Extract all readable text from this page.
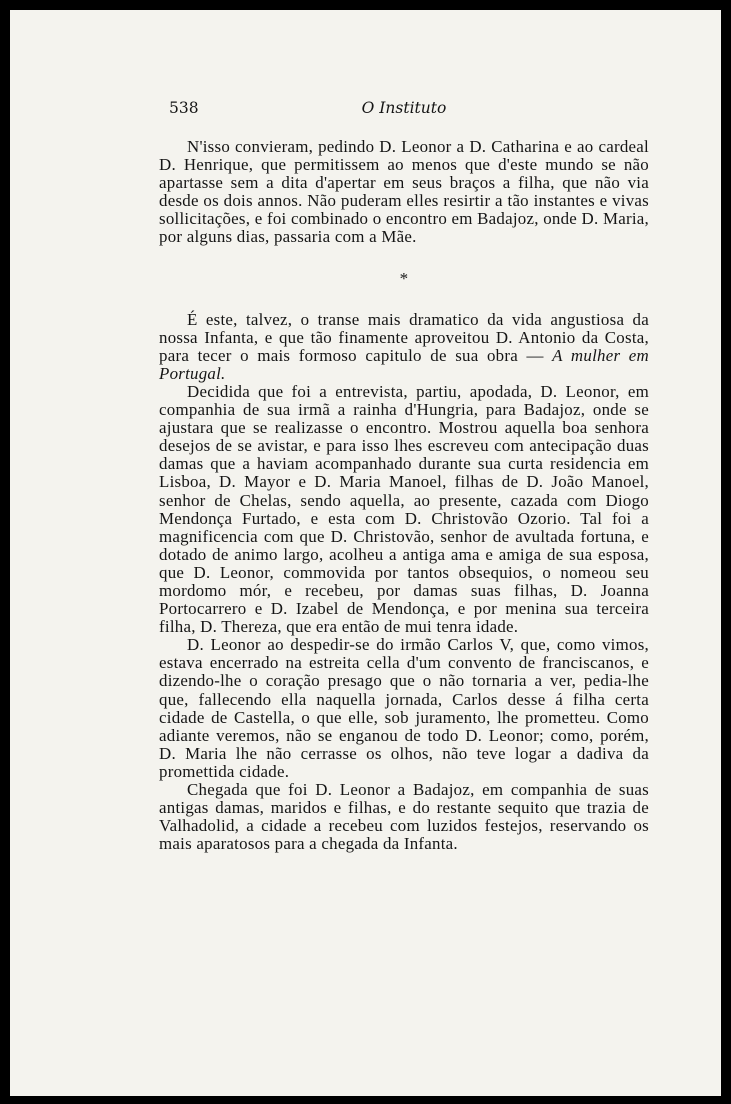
538	O Instituto

N'isso convieram, pedindo D. Leonor a D. Catharina e ao cardeal D. Henrique, que permitissem ao menos que d'este mundo se não apartasse sem a dita d'apertar em seus braços a filha, que não via desde os dois annos. Não puderam elles resirtir a tão instantes e vivas sollicitações, e foi combinado o encontro em Badajoz, onde D. Maria, por alguns dias, passaria com a Mãe.

*

É este, talvez, o transe mais dramatico da vida angustiosa da nossa Infanta, e que tão finamente aproveitou D. Antonio da Costa, para tecer o mais formoso capitulo de sua obra — A mulher em Portugal.

Decidida que foi a entrevista, partiu, apodada, D. Leonor, em companhia de sua irmã a rainha d'Hungria, para Badajoz, onde se ajustara que se realizasse o encontro. Mostrou aquella boa senhora desejos de se avistar, e para isso lhes escreveu com antecipação duas damas que a haviam acompanhado durante sua curta residencia em Lisboa, D. Mayor e D. Maria Manoel, filhas de D. João Manoel, senhor de Chelas, sendo aquella, ao presente, cazada com Diogo Mendonça Furtado, e esta com D. Christovão Ozorio. Tal foi a magnificencia com que D. Christovão, senhor de avultada fortuna, e dotado de animo largo, acolheu a antiga ama e amiga de sua esposa, que D. Leonor, commovida por tantos obsequios, o nomeou seu mordomo mór, e recebeu, por damas suas filhas, D. Joanna Portocarrero e D. Izabel de Mendonça, e por menina sua terceira filha, D. Thereza, que era então de mui tenra idade.

D. Leonor ao despedir-se do irmão Carlos V, que, como vimos, estava encerrado na estreita cella d'um convento de franciscanos, e dizendo-lhe o coração presago que o não tornaria a ver, pedia-lhe que, fallecendo ella naquella jornada, Carlos desse á filha certa cidade de Castella, o que elle, sob juramento, lhe prometteu. Como adiante veremos, não se enganou de todo D. Leonor; como, porém, D. Maria lhe não cerrasse os olhos, não teve logar a dadiva da promettida cidade.

Chegada que foi D. Leonor a Badajoz, em companhia de suas antigas damas, maridos e filhas, e do restante sequito que trazia de Valhadolid, a cidade a recebeu com luzidos festejos, reservando os mais aparatosos para a chegada da Infanta.
